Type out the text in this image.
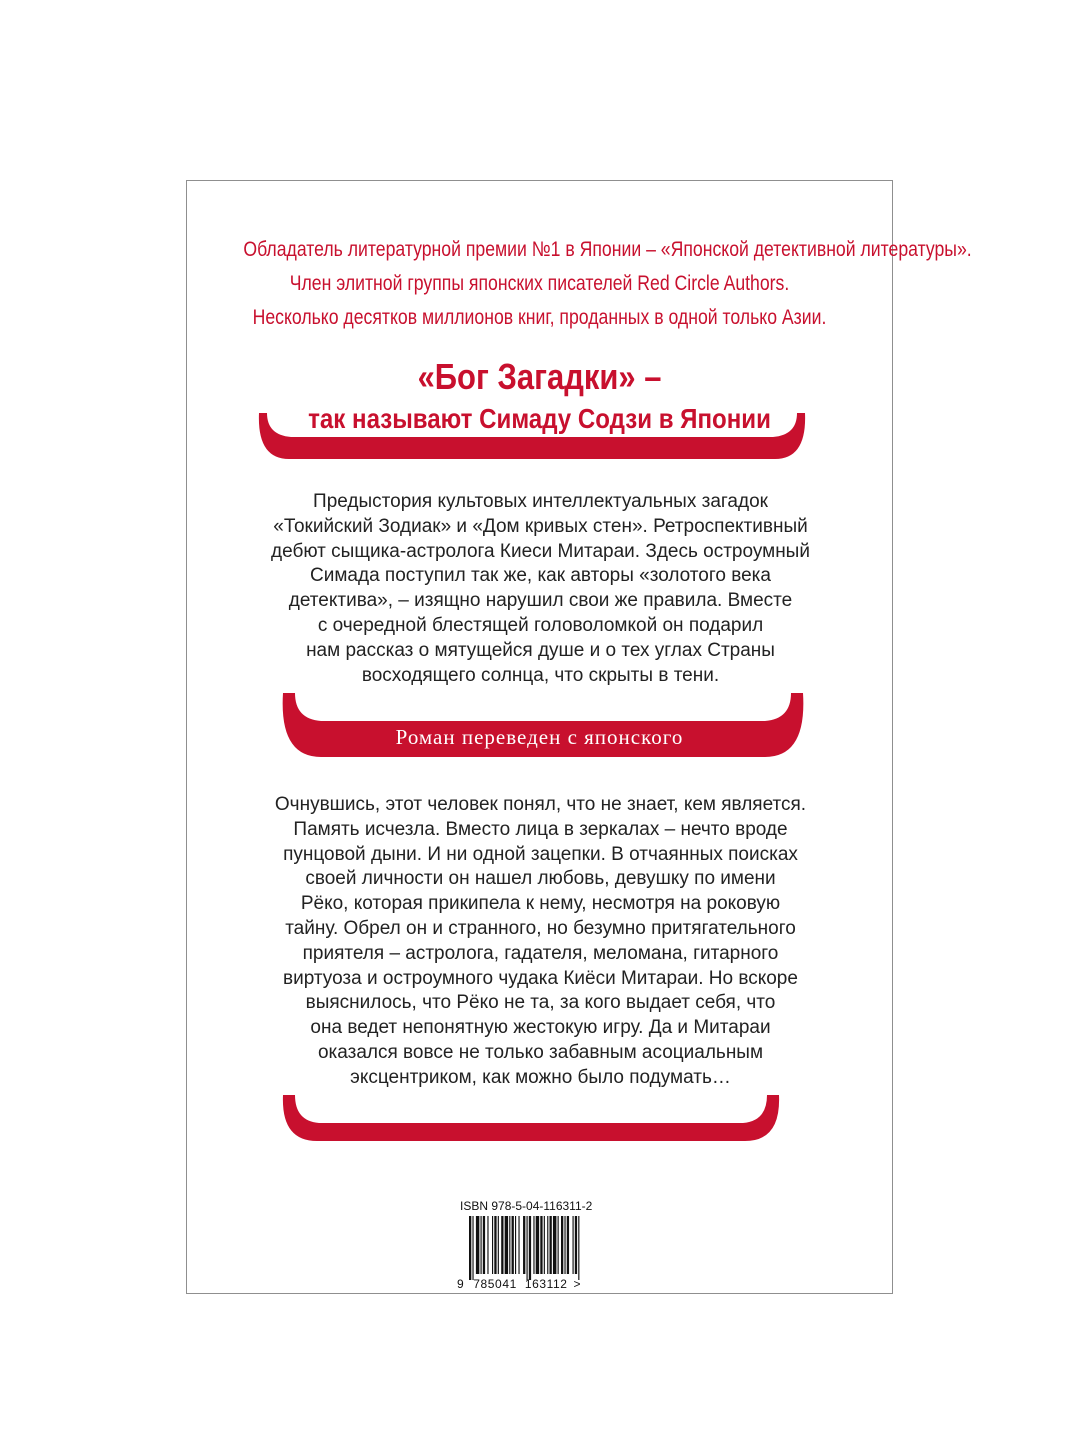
Обладатель литературной премии №1 в Японии – «Японской детективной литературы».
Член элитной группы японских писателей Red Circle Authors.
Несколько десятков миллионов книг, проданных в одной только Азии.
«Бог Загадки» –
так называют Симаду Содзи в Японии
Предыстория культовых интеллектуальных загадок
«Токийский Зодиак» и «Дом кривых стен». Ретроспективный
дебют сыщика-астролога Киеси Митараи. Здесь остроумный
Симада поступил так же, как авторы «золотого века
детектива», – изящно нарушил свои же правила. Вместе
с очередной блестящей головоломкой он подарил
нам рассказ о мятущейся душе и о тех углах Страны
восходящего солнца, что скрыты в тени.
Роман переведен с японского
Очнувшись, этот человек понял, что не знает, кем является.
Память исчезла. Вместо лица в зеркалах – нечто вроде
пунцовой дыни. И ни одной зацепки. В отчаянных поисках
своей личности он нашел любовь, девушку по имени
Рёко, которая прикипела к нему, несмотря на роковую
тайну. Обрел он и странного, но безумно притягательного
приятеля – астролога, гадателя, меломана, гитарного
виртуоза и остроумного чудака Киёси Митараи. Но вскоре
выяснилось, что Рёко не та, за кого выдает себя, что
она ведет непонятную жестокую игру. Да и Митараи
оказался вовсе не только забавным асоциальным
эксцентриком, как можно было подумать…
ISBN 978-5-04-116311-2
9 785041 163112 >
